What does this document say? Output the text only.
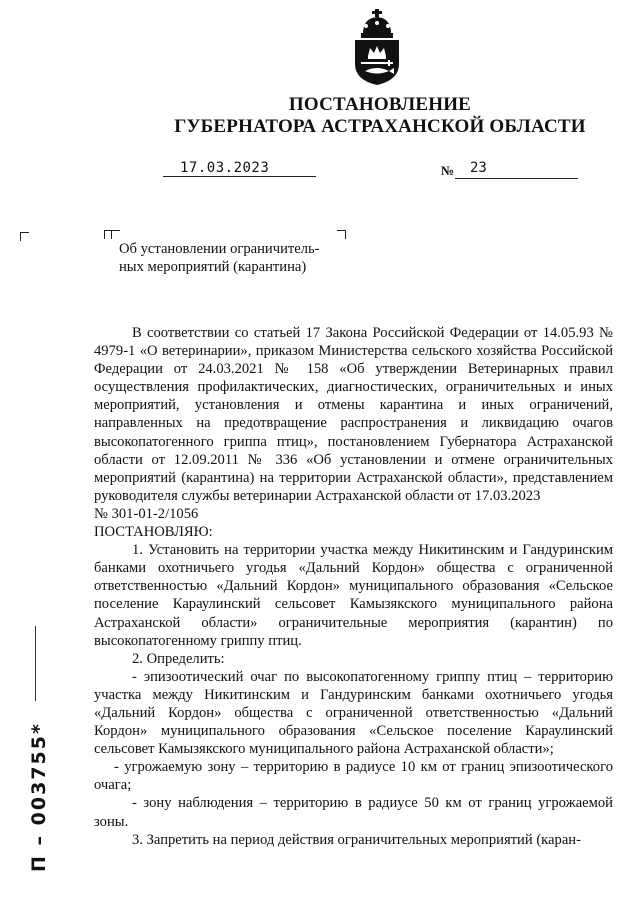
ПОСТАНОВЛЕНИЕ
ГУБЕРНАТОРА АСТРАХАНСКОЙ ОБЛАСТИ
17.03.2023	№ 23
Об установлении ограничитель-
ных мероприятий (карантина)

В соответствии со статьей 17 Закона Российской Федерации от 14.05.93 № 4979-1 «О ветеринарии», приказом Министерства сельского хозяйства Российской Федерации от 24.03.2021 № 158 «Об утверждении Ветеринарных правил осуществления профилактических, диагностических, ограничительных и иных мероприятий, установления и отмены карантина и иных ограничений, направленных на предотвращение распространения и ликвидацию очагов высокопатогенного гриппа птиц», постановлением Губернатора Астраханской области от 12.09.2011 № 336 «Об установлении и отмене ограничительных мероприятий (карантина) на территории Астраханской области», представлением руководителя службы ветеринарии Астраханской области от 17.03.2023

№ 301-01-2/1056

ПОСТАНОВЛЯЮ:

1. Установить на территории участка между Никитинским и Гандуринским банками охотничьего угодья «Дальний Кордон» общества с ограниченной ответственностью «Дальний Кордон» муниципального образования «Сельское поселение Караулинский сельсовет Камызякского муниципального района Астраханской области» ограничительные мероприятия (карантин) по высокопатогенному гриппу птиц.

2. Определить:

- эпизоотический очаг по высокопатогенному гриппу птиц – территорию участка между Никитинским и Гандуринским банками охотничьего угодья «Дальний Кордон» общества с ограниченной ответственностью «Дальний Кордон» муниципального образования «Сельское поселение Караулинский сельсовет Камызякского муниципального района Астраханской области»;

- угрожаемую зону – территорию в радиусе 10 км от границ эпизоотического очага;

- зону наблюдения – территорию в радиусе 50 км от границ угрожаемой зоны.

3. Запретить на период действия ограничительных мероприятий (каран-

П – 003755*
